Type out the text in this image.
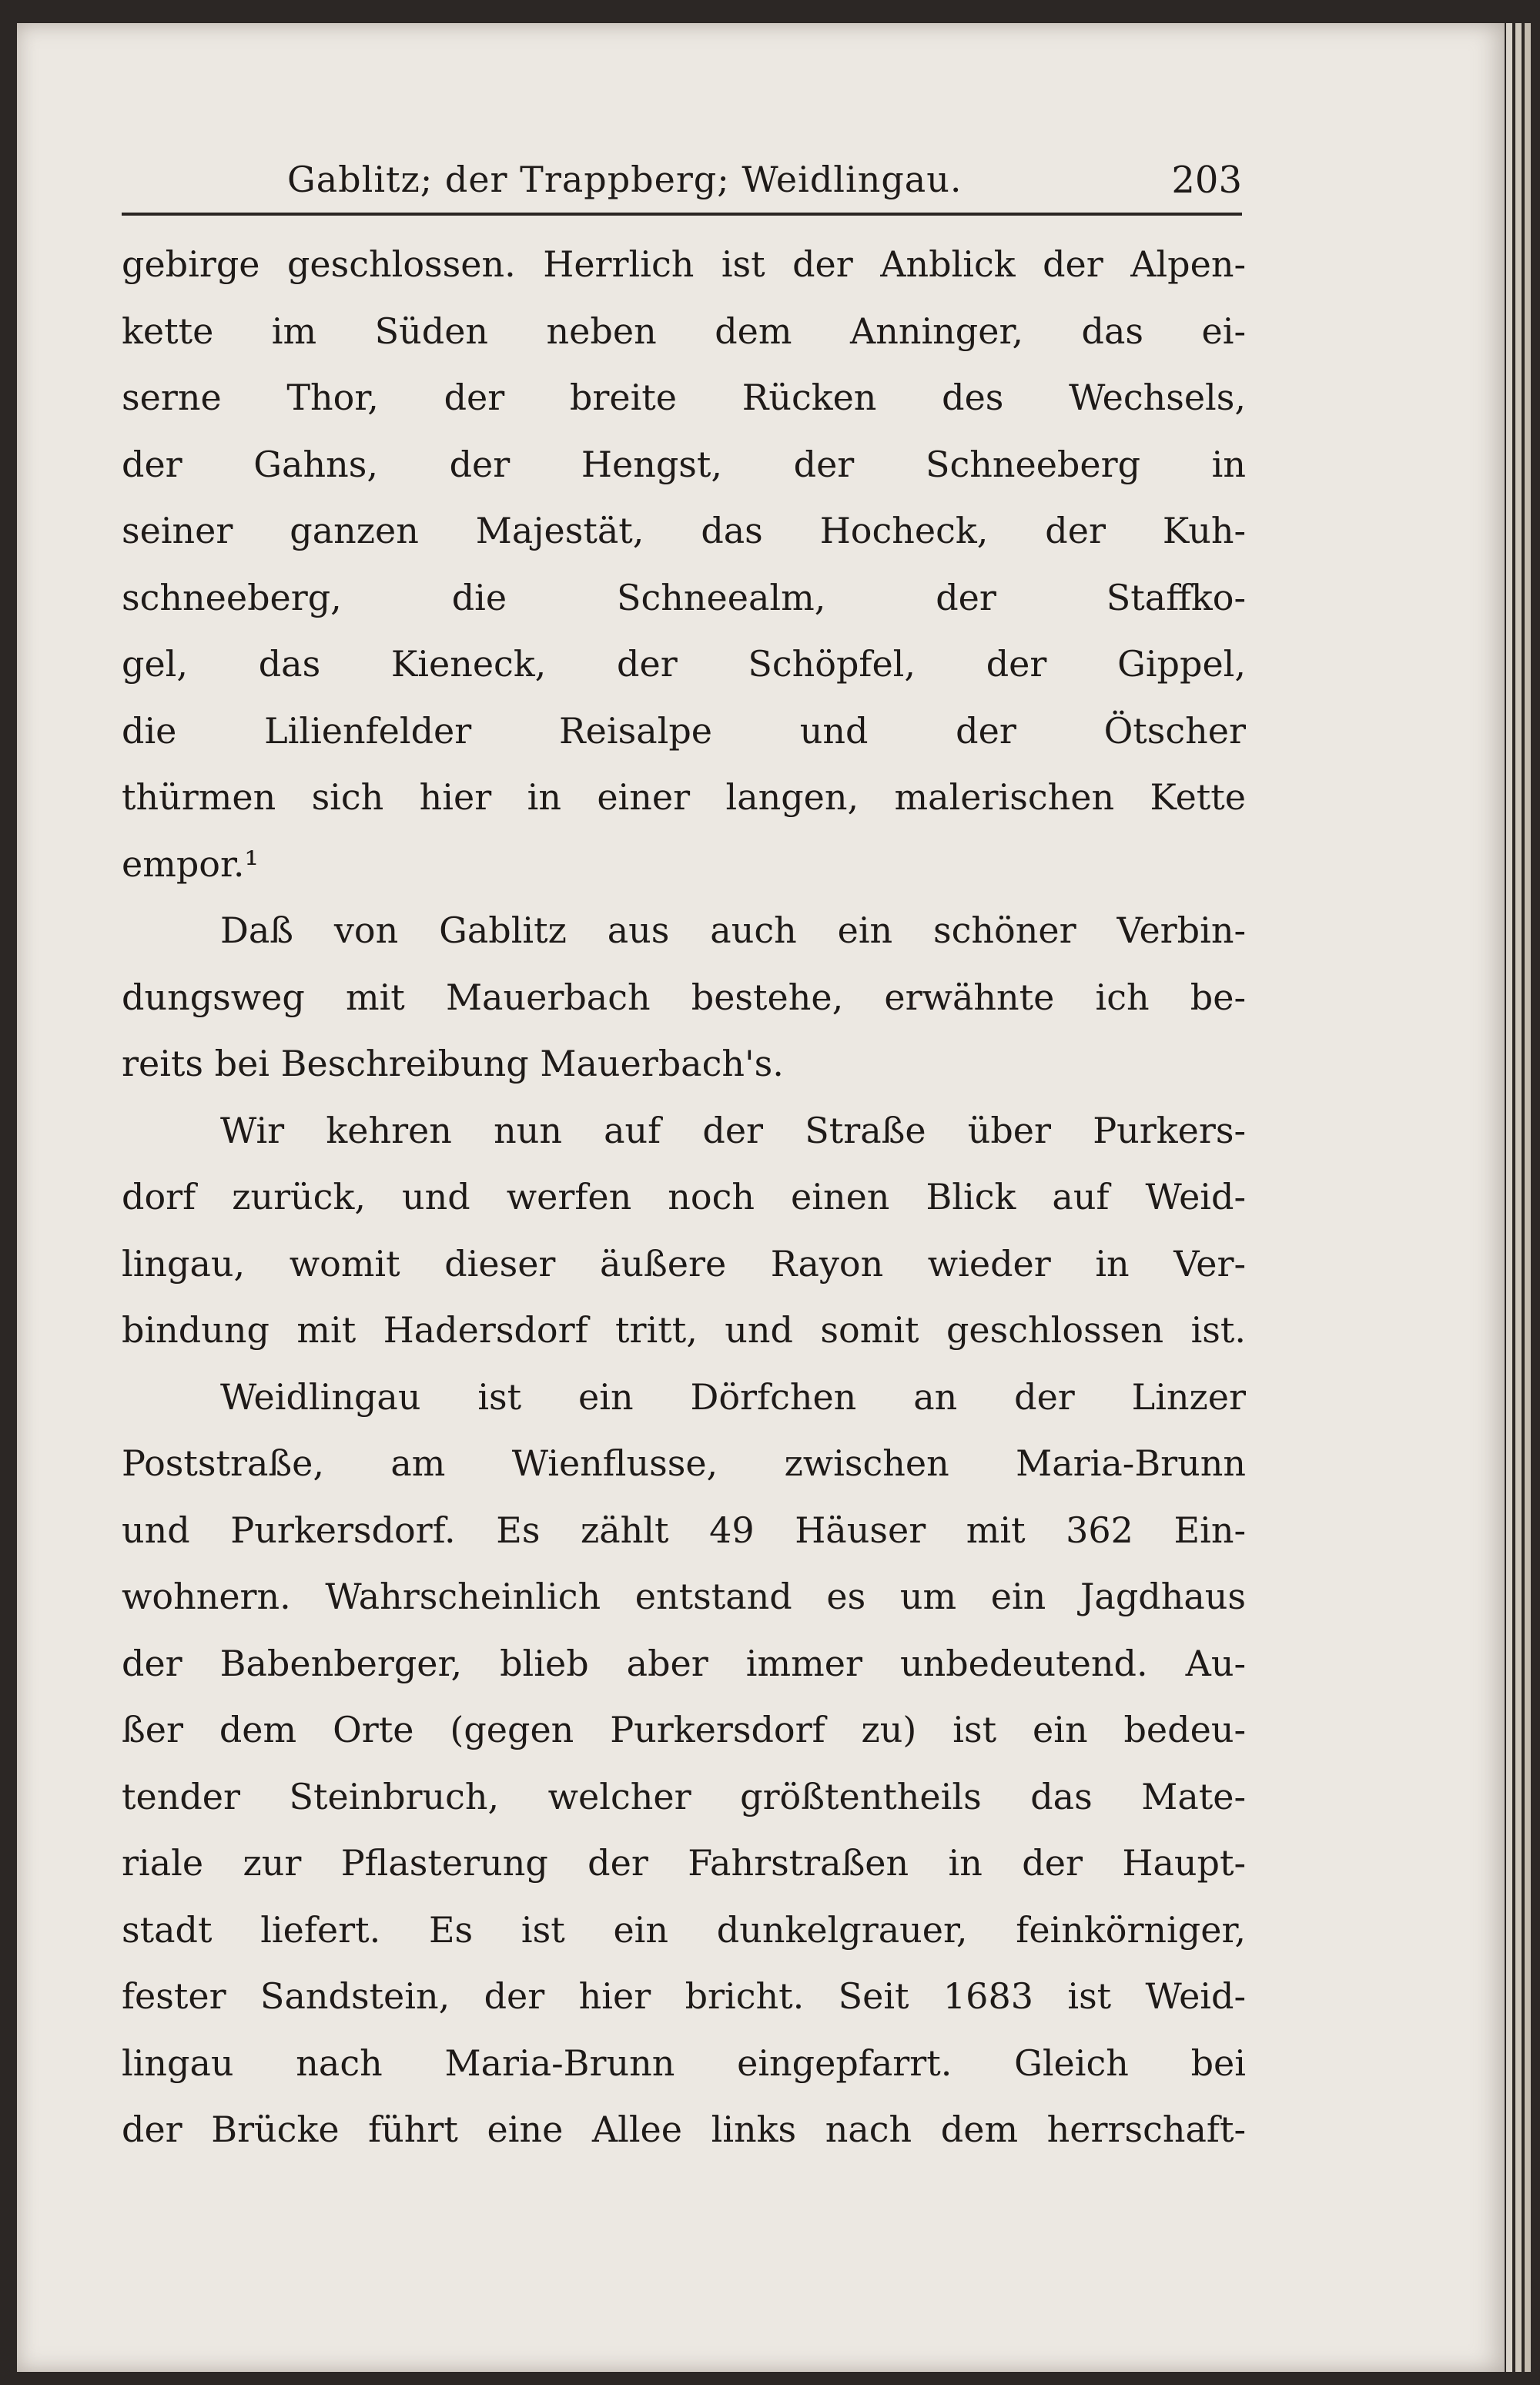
Gablitz; der Trappberg; Weidlingau.	203
gebirge geschlossen. Herrlich ist der Anblick der Alpen-
kette im Süden neben dem Anninger, das ei-
serne Thor, der breite Rücken des Wechsels,
der Gahns, der Hengst, der Schneeberg in
seiner ganzen Majestät, das Hocheck, der Kuh-
schneeberg, die Schneealm, der Staffko-
gel, das Kieneck, der Schöpfel, der Gippel,
die Lilienfelder Reisalpe und der Ötscher
thürmen sich hier in einer langen, malerischen Kette
empor.¹
Daß von Gablitz aus auch ein schöner Verbin-
dungsweg mit Mauerbach bestehe, erwähnte ich be-
reits bei Beschreibung Mauerbach's.
Wir kehren nun auf der Straße über Purkers-
dorf zurück, und werfen noch einen Blick auf Weid-
lingau, womit dieser äußere Rayon wieder in Ver-
bindung mit Hadersdorf tritt, und somit geschlossen ist.
Weidlingau ist ein Dörfchen an der Linzer
Poststraße, am Wienflusse, zwischen Maria-Brunn
und Purkersdorf. Es zählt 49 Häuser mit 362 Ein-
wohnern. Wahrscheinlich entstand es um ein Jagdhaus
der Babenberger, blieb aber immer unbedeutend. Au-
ßer dem Orte (gegen Purkersdorf zu) ist ein bedeu-
tender Steinbruch, welcher größtentheils das Mate-
riale zur Pflasterung der Fahrstraßen in der Haupt-
stadt liefert. Es ist ein dunkelgrauer, feinkörniger,
fester Sandstein, der hier bricht. Seit 1683 ist Weid-
lingau nach Maria-Brunn eingepfarrt. Gleich bei
der Brücke führt eine Allee links nach dem herrschaft-
